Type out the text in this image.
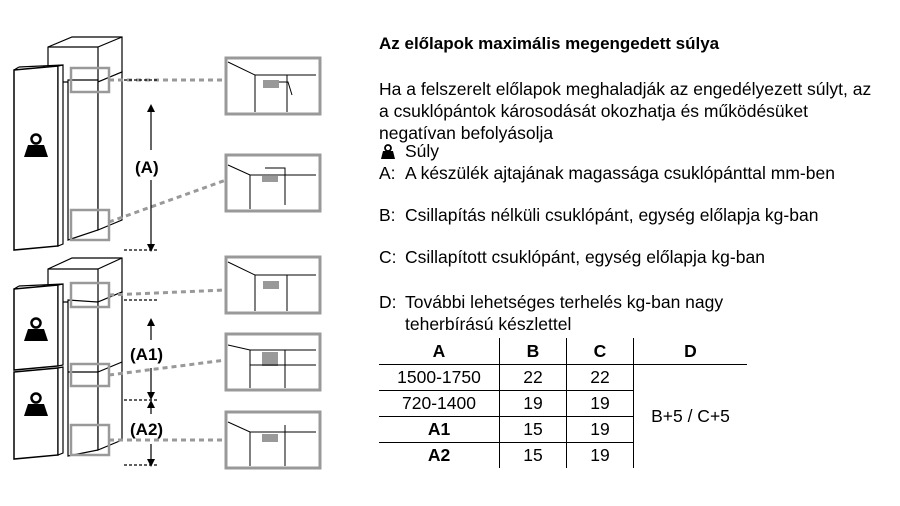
(A)
(A1)
(A2)
Az előlapok maximális megengedett súlya

Ha a felszerelt előlapok meghaladják az engedélyezett súlyt, az a csuklópántok károsodását okozhatja és működésüket negatívan befolyásolja

Súly
A: A készülék ajtajának magassága csuklópánttal mm-ben
B: Csillapítás nélküli csuklópánt, egység előlapja kg-ban
C: Csillapított csuklópánt, egység előlapja kg-ban
D: További lehetséges terhelés kg-ban nagy teherbírású készlettel
A	B	C	D
1500-1750	22	22	B+5 / C+5
720-1400	19	19	
A1	15	19	
A2	15	19	
